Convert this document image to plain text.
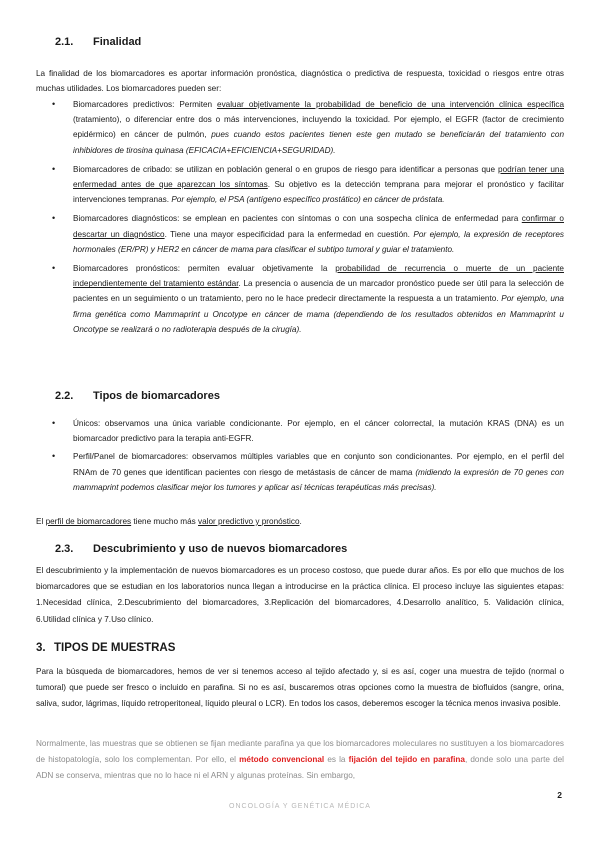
2.1. Finalidad

La finalidad de los biomarcadores es aportar información pronóstica, diagnóstica o predictiva de respuesta, toxicidad o riesgos entre otras muchas utilidades. Los biomarcadores pueden ser:

• Biomarcadores predictivos: Permiten evaluar objetivamente la probabilidad de beneficio de una intervención clínica específica (tratamiento), o diferenciar entre dos o más intervenciones, incluyendo la toxicidad. Por ejemplo, el EGFR (factor de crecimiento epidérmico) en cáncer de pulmón, pues cuando estos pacientes tienen este gen mutado se beneficiarán del tratamiento con inhibidores de tirosina quinasa (EFICACIA+EFICIENCIA+SEGURIDAD).
• Biomarcadores de cribado: se utilizan en población general o en grupos de riesgo para identificar a personas que podrían tener una enfermedad antes de que aparezcan los síntomas. Su objetivo es la detección temprana para mejorar el pronóstico y facilitar intervenciones tempranas. Por ejemplo, el PSA (antígeno específico prostático) en cáncer de próstata.
• Biomarcadores diagnósticos: se emplean en pacientes con síntomas o con una sospecha clínica de enfermedad para confirmar o descartar un diagnóstico. Tiene una mayor especificidad para la enfermedad en cuestión. Por ejemplo, la expresión de receptores hormonales (ER/PR) y HER2 en cáncer de mama para clasificar el subtipo tumoral y guiar el tratamiento.
• Biomarcadores pronósticos: permiten evaluar objetivamente la probabilidad de recurrencia o muerte de un paciente independientemente del tratamiento estándar. La presencia o ausencia de un marcador pronóstico puede ser útil para la selección de pacientes en un seguimiento o un tratamiento, pero no le hace predecir directamente la respuesta a un tratamiento. Por ejemplo, una firma genética como Mammaprint u Oncotype en cáncer de mama (dependiendo de los resultados obtenidos en Mammaprint u Oncotype se realizará o no radioterapia después de la cirugía).
2.2. Tipos de biomarcadores
• Únicos: observamos una única variable condicionante. Por ejemplo, en el cáncer colorrectal, la mutación KRAS (DNA) es un biomarcador predictivo para la terapia anti-EGFR.
• Perfil/Panel de biomarcadores: observamos múltiples variables que en conjunto son condicionantes. Por ejemplo, en el perfil del RNAm de 70 genes que identifican pacientes con riesgo de metástasis de cáncer de mama (midiendo la expresión de 70 genes con mammaprint podemos clasificar mejor los tumores y aplicar así técnicas terapéuticas más precisas).

El perfil de biomarcadores tiene mucho más valor predictivo y pronóstico.

2.3. Descubrimiento y uso de nuevos biomarcadores

El descubrimiento y la implementación de nuevos biomarcadores es un proceso costoso, que puede durar años. Es por ello que muchos de los biomarcadores que se estudian en los laboratorios nunca llegan a introducirse en la práctica clínica. El proceso incluye las siguientes etapas: 1.Necesidad clínica, 2.Descubrimiento del biomarcadores, 3.Replicación del biomarcadores, 4.Desarrollo analítico, 5. Validación clínica, 6.Utilidad clínica y 7.Uso clínico.

3. TIPOS DE MUESTRAS

Para la búsqueda de biomarcadores, hemos de ver si tenemos acceso al tejido afectado y, si es así, coger una muestra de tejido (normal o tumoral) que puede ser fresco o incluido en parafina. Si no es así, buscaremos otras opciones como la muestra de biofluidos (sangre, orina, saliva, sudor, lágrimas, líquido retroperitoneal, líquido pleural o LCR). En todos los casos, deberemos escoger la técnica menos invasiva posible.

Normalmente, las muestras que se obtienen se fijan mediante parafina ya que los biomarcadores moleculares no sustituyen a los biomarcadores de histopatología, solo los complementan. Por ello, el método convencional es la fijación del tejido en parafina, donde solo una parte del ADN se conserva, mientras que no lo hace ni el ARN y algunas proteínas. Sin embargo,

2
ONCOLOGÍA Y GENÉTICA MÉDICA
